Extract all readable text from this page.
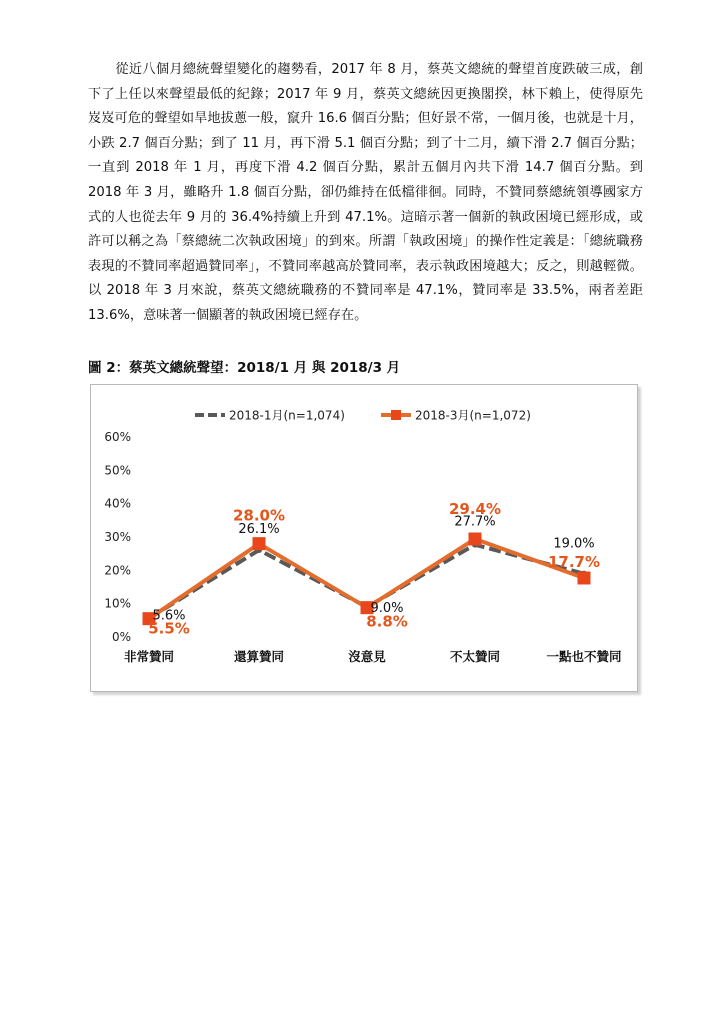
從近八個月總統聲望變化的趨勢看，2017 年 8 月，蔡英文總統的聲望首度跌破三成，創下了上任以來聲望最低的紀錄；2017 年 9 月，蔡英文總統因更換閣揆，林下賴上，使得原先岌岌可危的聲望如旱地拔蔥一般，竄升 16.6 個百分點；但好景不常，一個月後，也就是十月，小跌 2.7 個百分點；到了 11 月，再下滑 5.1 個百分點；到了十二月，續下滑 2.7 個百分點；一直到 2018 年 1 月，再度下滑 4.2 個百分點，累計五個月內共下滑 14.7 個百分點。到 2018 年 3 月，雖略升 1.8 個百分點，卻仍維持在低檔徘徊。同時，不贊同蔡總統領導國家方式的人也從去年 9 月的 36.4%持續上升到 47.1%。這暗示著一個新的執政困境已經形成，或許可以稱之為「蔡總統二次執政困境」的到來。所謂「執政困境」的操作性定義是：「總統職務表現的不贊同率超過贊同率」，不贊同率越高於贊同率，表示執政困境越大；反之，則越輕微。以 2018 年 3 月來說，蔡英文總統職務的不贊同率是 47.1%，贊同率是 33.5%，兩者差距 13.6%，意味著一個顯著的執政困境已經存在。

圖 2：蔡英文總統聲望：2018/1 月 與 2018/3 月

2018-1月(n=1,074)	2018-3月(n=1,072)
60%
50%
40%
30%
20%
10%
0%
非常贊同	還算贊同	沒意見	不太贊同	一點也不贊同
5.6%
26.1%
9.0%
27.7%
19.0%
5.5%
28.0%
8.8%
29.4%
17.7%
